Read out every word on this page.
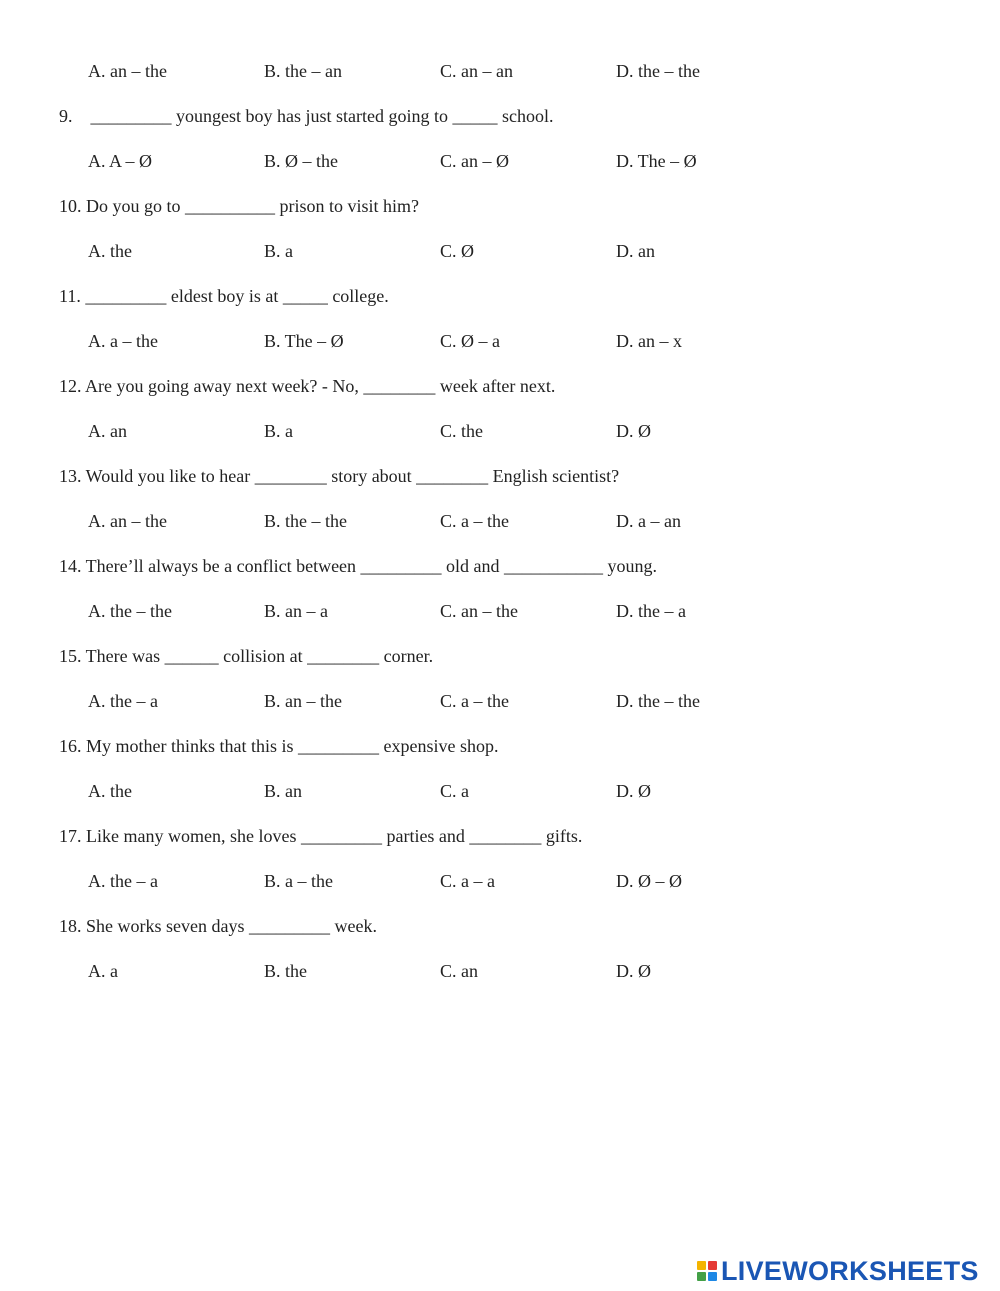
A. an – the	B. the – an	C. an – an	D. the – the
9.    _________ youngest boy has just started going to _____ school.
A. A – Ø	B. Ø – the	C. an – Ø	D. The – Ø
10. Do you go to __________ prison to visit him?
A. the	B. a	C. Ø	D. an
11. _________ eldest boy is at _____ college.
A. a – the	B. The – Ø	C. Ø – a	D. an – x
12. Are you going away next week? - No, ________ week after next.
A. an	B. a	C. the	D. Ø
13. Would you like to hear ________ story about ________ English scientist?
A. an – the	B. the – the	C. a – the	D. a – an
14. There’ll always be a conflict between _________ old and ___________ young.
A. the – the	B. an – a	C. an – the	D. the – a
15. There was ______ collision at ________ corner.
A. the – a	B. an – the	C. a – the	D. the – the
16. My mother thinks that this is _________ expensive shop.
A. the	B. an	C. a	D. Ø
17. Like many women, she loves _________ parties and ________ gifts.
A. the – a	B. a – the	C. a – a	D. Ø – Ø
18. She works seven days _________ week.
A. a	B. the	C. an	D. Ø
LIVEWORKSHEETS
